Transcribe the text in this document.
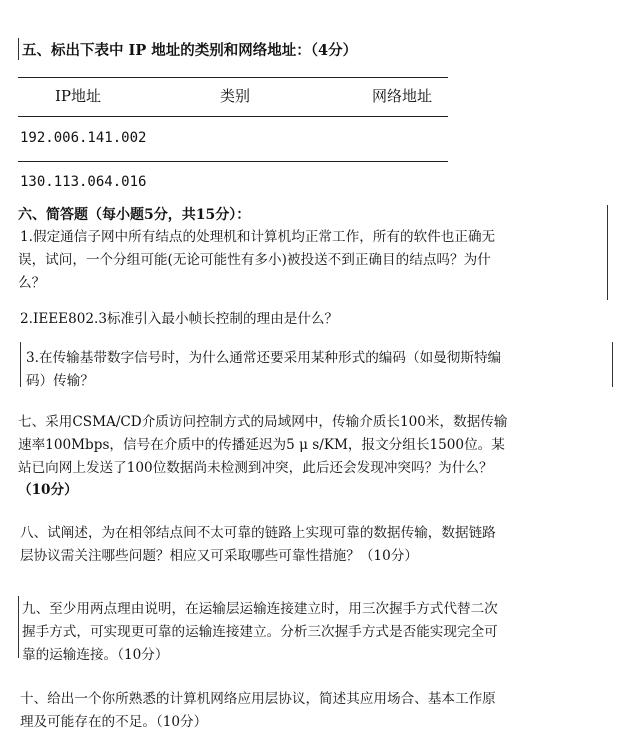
五、标出下表中 IP 地址的类别和网络地址：（4分）
IP地址	类别	网络地址
192.006.141.002
130.113.064.016
六、简答题（每小题5分，共15分）：
1.假定通信子网中所有结点的处理机和计算机均正常工作，所有的软件也正确无
误，试问，一个分组可能(无论可能性有多小)被投送不到正确目的结点吗？为什
么？
2.IEEE802.3标准引入最小帧长控制的理由是什么？
3.在传输基带数字信号时，为什么通常还要采用某种形式的编码（如曼彻斯特编
码）传输？
七、采用CSMA/CD介质访问控制方式的局域网中，传输介质长100米，数据传输
速率100Mbps，信号在介质中的传播延迟为5 μ s/KM，报文分组长1500位。某
站已向网上发送了100位数据尚未检测到冲突，此后还会发现冲突吗？为什么？
（10分）
八、试阐述，为在相邻结点间不太可靠的链路上实现可靠的数据传输，数据链路
层协议需关注哪些问题？相应又可采取哪些可靠性措施？（10分）
九、至少用两点理由说明，在运输层运输连接建立时，用三次握手方式代替二次
握手方式，可实现更可靠的运输连接建立。分析三次握手方式是否能实现完全可
靠的运输连接。（10分）
十、给出一个你所熟悉的计算机网络应用层协议，简述其应用场合、基本工作原
理及可能存在的不足。（10分）
